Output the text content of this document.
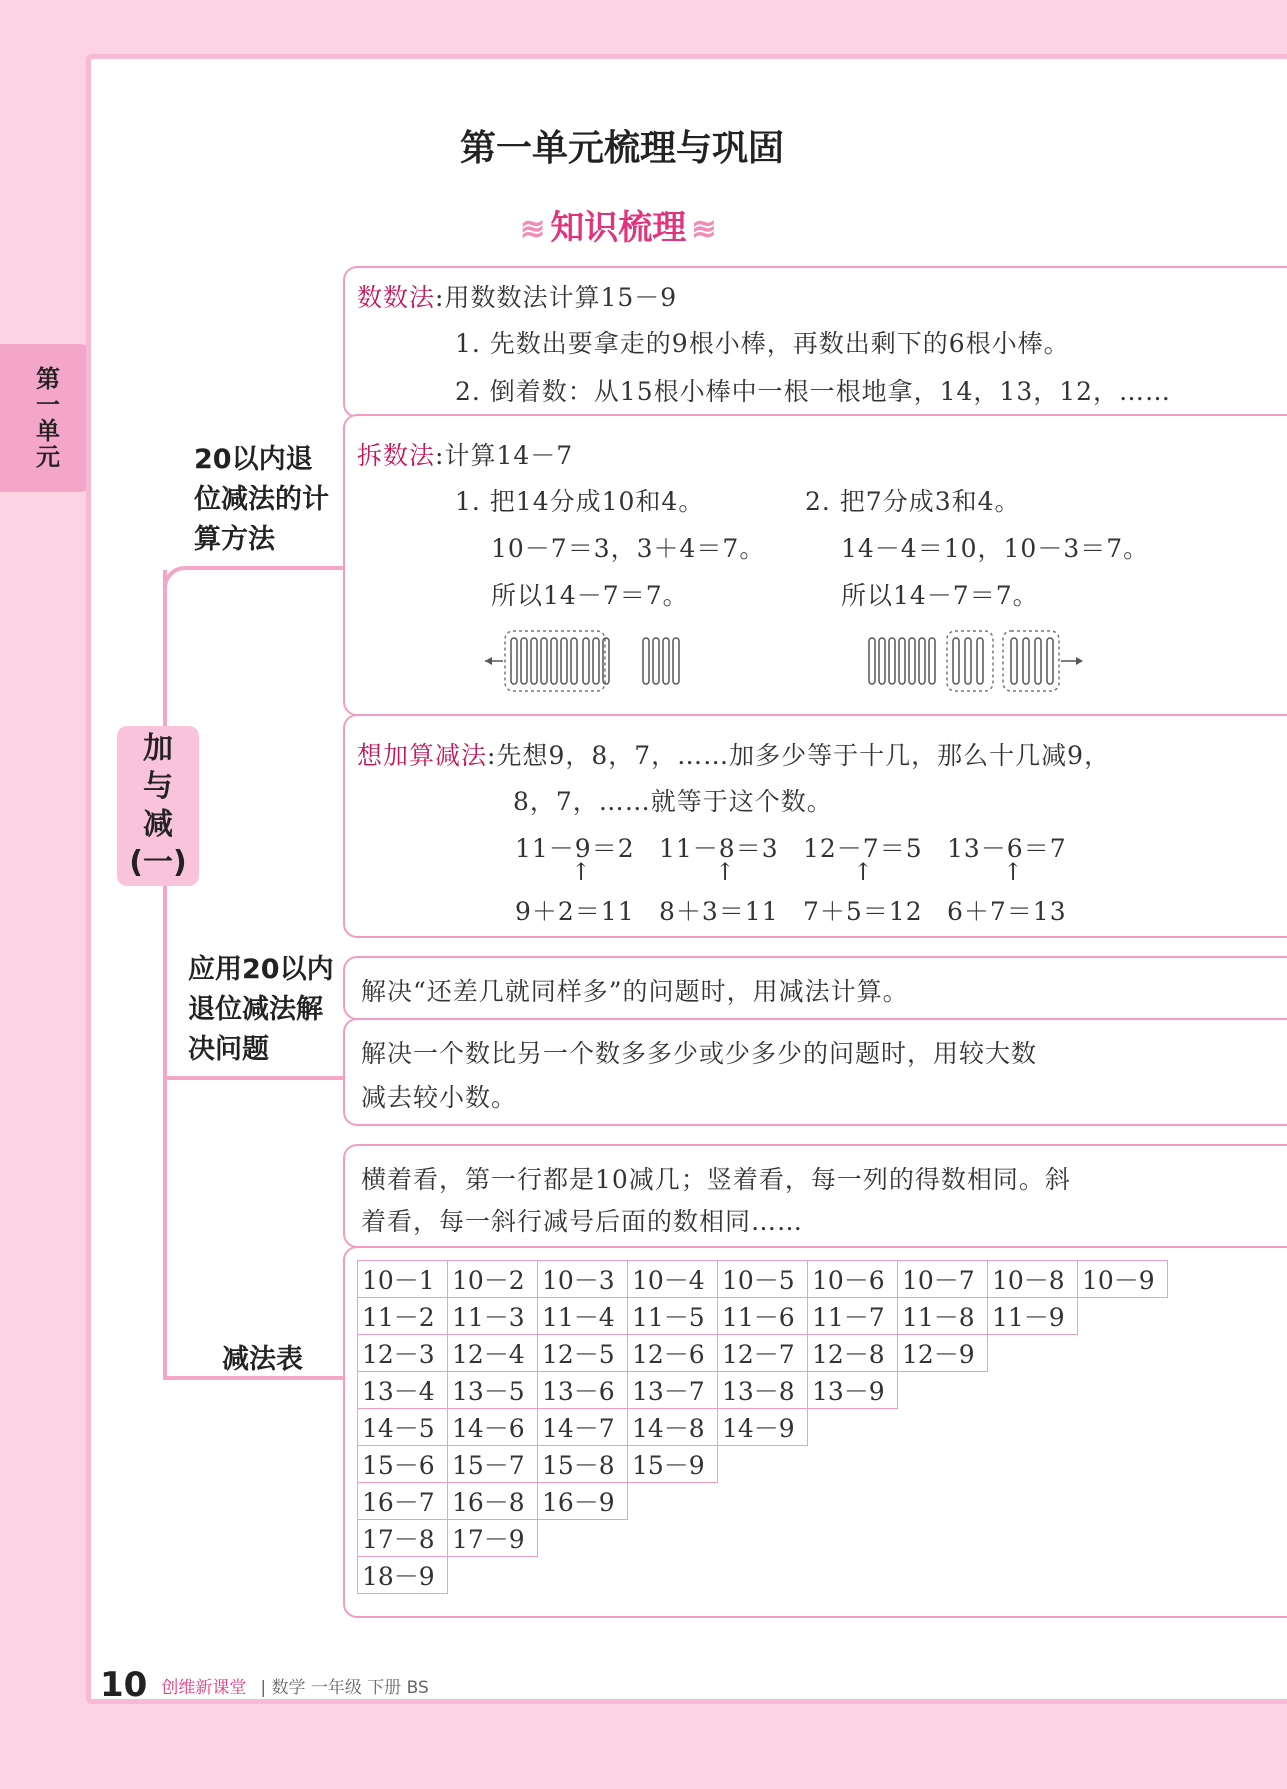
第一单元
第一单元梳理与巩固
≋ 知识梳理 ≋
加
与
减
(一)
20以内退位减法的计算方法
应用20以内退位减法解决问题
减法表
数数法:用数数法计算15－9
1. 先数出要拿走的9根小棒，再数出剩下的6根小棒。
2. 倒着数：从15根小棒中一根一根地拿，14，13，12，……
拆数法:计算14－7
1. 把14分成10和4。
10－7＝3，3＋4＝7。
所以14－7＝7。
2. 把7分成3和4。
14－4＝10，10－3＝7。
所以14－7＝7。
想加算减法:先想9，8，7，……加多少等于十几，那么十几减9，
8，7，……就等于这个数。
11－9＝2 11－8＝3 12－7＝5 13－6＝7
↑	↑	↑	↑
9＋2＝11 8＋3＝11 7＋5＝12 6＋7＝13
解决“还差几就同样多”的问题时，用减法计算。
解决一个数比另一个数多多少或少多少的问题时，用较大数
减去较小数。
横着看，第一行都是10减几；竖着看，每一列的得数相同。斜
着看，每一斜行减号后面的数相同……
10－1	10－2	10－3	10－4	10－5	10－6	10－7	10－8	10－9
11－2	11－3	11－4	11－5	11－6	11－7	11－8	11－9	
12－3	12－4	12－5	12－6	12－7	12－8	12－9		
13－4	13－5	13－6	13－7	13－8	13－9			
14－5	14－6	14－7	14－8	14－9				
15－6	15－7	15－8	15－9					
16－7	16－8	16－9						
17－8	17－9							
18－9								
10 创维新课堂 | 数学 一年级 下册 BS
